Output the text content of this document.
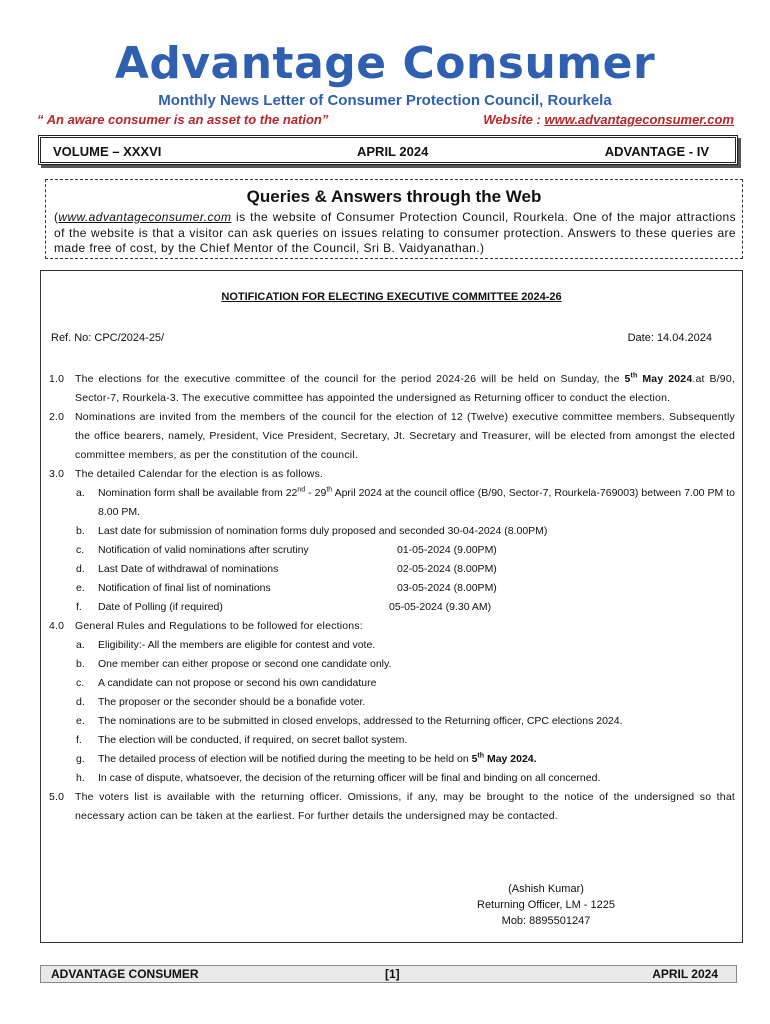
Advantage Consumer
Monthly News Letter of Consumer Protection Council, Rourkela
“ An aware consumer is an asset to the nation”	Website : www.advantageconsumer.com
VOLUME – XXXVI	APRIL 2024	ADVANTAGE - IV
Queries & Answers through the Web
(www.advantageconsumer.com is the website of Consumer Protection Council, Rourkela. One of the major attractions of the website is that a visitor can ask queries on issues relating to consumer protection. Answers to these queries are made free of cost, by the Chief Mentor of the Council, Sri B. Vaidyanathan.)
NOTIFICATION FOR ELECTING EXECUTIVE COMMITTEE 2024-26
Ref. No: CPC/2024-25/	Date: 14.04.2024
1.0 The elections for the executive committee of the council for the period 2024-26 will be held on Sunday, the 5th May 2024.at B/90, Sector-7, Rourkela-3. The executive committee has appointed the undersigned as Returning officer to conduct the election.
2.0 Nominations are invited from the members of the council for the election of 12 (Twelve) executive committee members. Subsequently the office bearers, namely, President, Vice President, Secretary, Jt. Secretary and Treasurer, will be elected from amongst the elected committee members, as per the constitution of the council.
3.0 The detailed Calendar for the election is as follows.
a. Nomination form shall be available from 22nd - 29th April 2024 at the council office (B/90, Sector-7, Rourkela-769003) between 7.00 PM to 8.00 PM.
b. Last date for submission of nomination forms duly proposed and seconded 30-04-2024 (8.00PM)
c. Notification of valid nominations after scrutiny	01-05-2024 (9.00PM)
d. Last Date of withdrawal of nominations	02-05-2024 (8.00PM)
e. Notification of final list of nominations	03-05-2024 (8.00PM)
f. Date of Polling (if required)	05-05-2024 (9.30 AM)
4.0 General Rules and Regulations to be followed for elections:
a. Eligibility:- All the members are eligible for contest and vote.
b. One member can either propose or second one candidate only.
c. A candidate can not propose or second his own candidature
d. The proposer or the seconder should be a bonafide voter.
e. The nominations are to be submitted in closed envelops, addressed to the Returning officer, CPC elections 2024.
f. The election will be conducted, if required, on secret ballot system.
g. The detailed process of election will be notified during the meeting to be held on 5th May 2024.
h. In case of dispute, whatsoever, the decision of the returning officer will be final and binding on all concerned.
5.0 The voters list is available with the returning officer. Omissions, if any, may be brought to the notice of the undersigned so that necessary action can be taken at the earliest. For further details the undersigned may be contacted.
(Ashish Kumar)
Returning Officer, LM - 1225
Mob: 8895501247
ADVANTAGE CONSUMER	[1]	APRIL 2024
